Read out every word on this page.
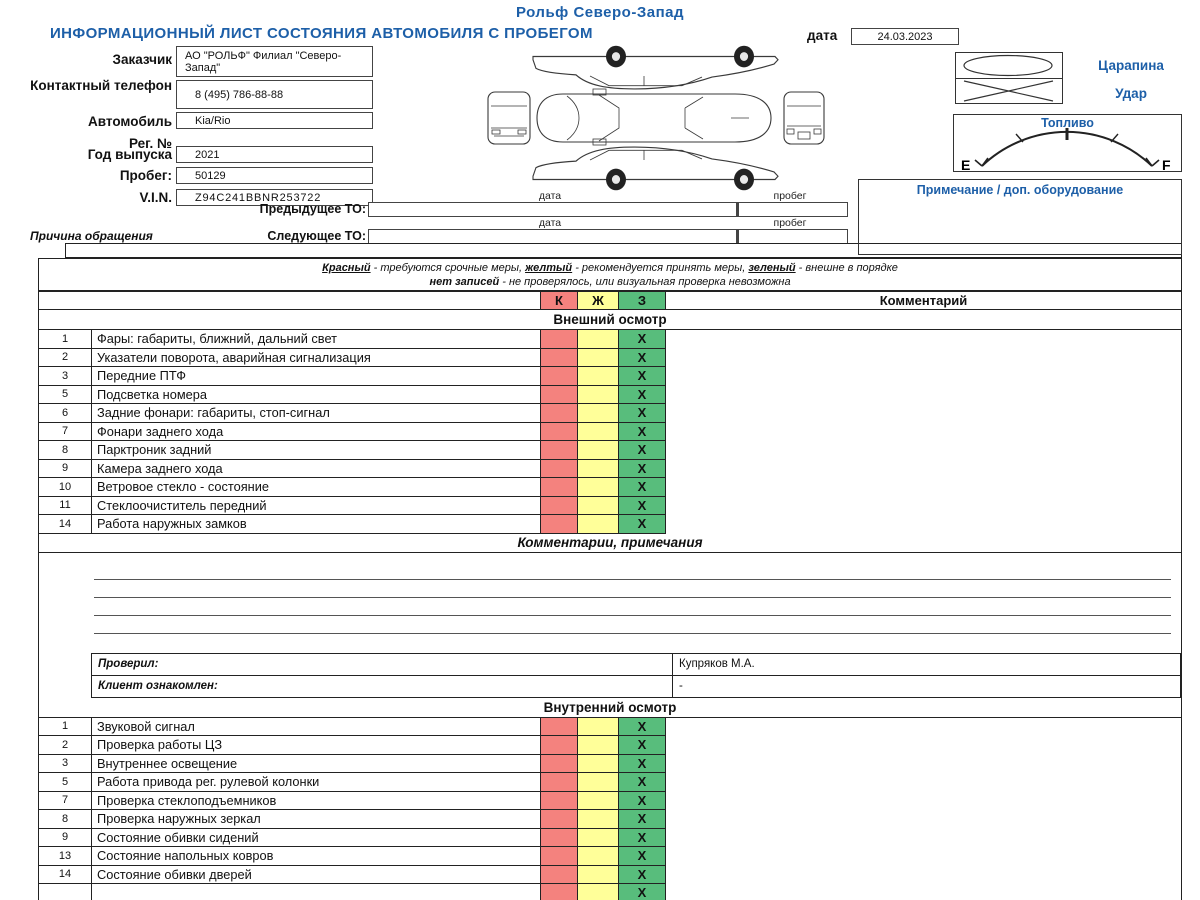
Рольф Северо-Запад
ИНФОРМАЦИОННЫЙ ЛИСТ СОСТОЯНИЯ АВТОМОБИЛЯ С ПРОБЕГОМ	дата	24.03.2023
Заказчик	АО "РОЛЬФ" Филиал "Северо-Запад"
Контактный телефон
8 (495) 786-88-88
Автомобиль	Kia/Rio
Рег. №
Год выпуска	2021
Пробег:	50129
V.I.N.	Z94C241BBNR253722	дата	пробег
Предыдущее ТО:
дата	пробег
Следующее ТО:
Причина обращения
Царапина
Удар
Топливо
E	F
Примечание / доп. оборудование
Красный - требуются срочные меры, желтый - рекомендуется принять меры, зеленый - внешне в порядке
нет записей - не проверялось, или визуальная проверка невозможна
К	Ж	З	Комментарий
Внешний осмотр
1	Фары: габариты, ближний, дальний свет	X
2	Указатели поворота, аварийная сигнализация	X
3	Передние ПТФ	X
5	Подсветка номера	X
6	Задние фонари: габариты, стоп-сигнал	X
7	Фонари заднего хода	X
8	Парктроник задний	X
9	Камера заднего хода	X
10	Ветровое стекло - состояние	X
11	Стеклоочиститель передний	X
14	Работа наружных замков	X
Комментарии, примечания
Проверил:	Купряков М.А.
Клиент ознакомлен:	-
Внутренний осмотр
1	Звуковой сигнал	X
2	Проверка работы ЦЗ	X
3	Внутреннее освещение	X
5	Работа привода рег. рулевой колонки	X
7	Проверка стеклоподъемников	X
8	Проверка наружных зеркал	X
9	Состояние обивки сидений	X
13	Состояние напольных ковров	X
14	Состояние обивки дверей	X
X
